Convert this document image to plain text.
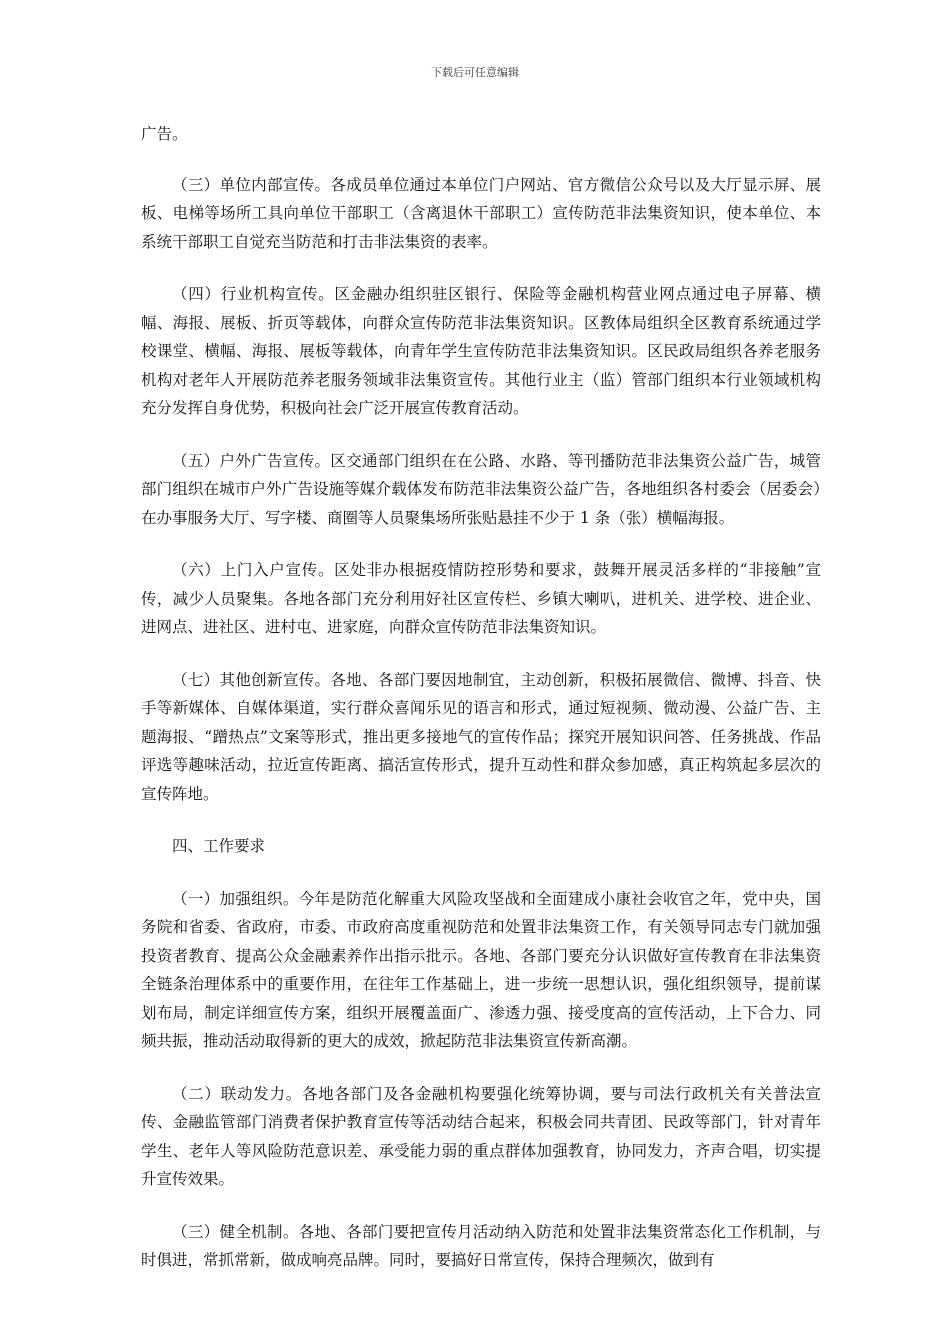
下载后可任意编辑

广告。

（三）单位内部宣传。各成员单位通过本单位门户网站、官方微信公众号以及大厅显示屏、展板、电梯等场所工具向单位干部职工（含离退休干部职工）宣传防范非法集资知识，使本单位、本系统干部职工自觉充当防范和打击非法集资的表率。

（四）行业机构宣传。区金融办组织驻区银行、保险等金融机构营业网点通过电子屏幕、横幅、海报、展板、折页等载体，向群众宣传防范非法集资知识。区教体局组织全区教育系统通过学校课堂、横幅、海报、展板等载体，向青年学生宣传防范非法集资知识。区民政局组织各养老服务机构对老年人开展防范养老服务领域非法集资宣传。其他行业主（监）管部门组织本行业领域机构充分发挥自身优势，积极向社会广泛开展宣传教育活动。

（五）户外广告宣传。区交通部门组织在在公路、水路、等刊播防范非法集资公益广告，城管部门组织在城市户外广告设施等媒介载体发布防范非法集资公益广告，各地组织各村委会（居委会）在办事服务大厅、写字楼、商圈等人员聚集场所张贴悬挂不少于 1 条（张）横幅海报。

（六）上门入户宣传。区处非办根据疫情防控形势和要求，鼓舞开展灵活多样的“非接触”宣传，减少人员聚集。各地各部门充分利用好社区宣传栏、乡镇大喇叭，进机关、进学校、进企业、进网点、进社区、进村屯、进家庭，向群众宣传防范非法集资知识。

（七）其他创新宣传。各地、各部门要因地制宜，主动创新，积极拓展微信、微博、抖音、快手等新媒体、自媒体渠道，实行群众喜闻乐见的语言和形式，通过短视频、微动漫、公益广告、主题海报、“蹭热点”文案等形式，推出更多接地气的宣传作品；探究开展知识问答、任务挑战、作品评选等趣味活动，拉近宣传距离、搞活宣传形式，提升互动性和群众参加感，真正构筑起多层次的宣传阵地。

四、工作要求

（一）加强组织。今年是防范化解重大风险攻坚战和全面建成小康社会收官之年，党中央，国务院和省委、省政府，市委、市政府高度重视防范和处置非法集资工作，有关领导同志专门就加强投资者教育、提高公众金融素养作出指示批示。各地、各部门要充分认识做好宣传教育在非法集资全链条治理体系中的重要作用，在往年工作基础上，进一步统一思想认识，强化组织领导，提前谋划布局，制定详细宣传方案，组织开展覆盖面广、渗透力强、接受度高的宣传活动，上下合力、同频共振，推动活动取得新的更大的成效，掀起防范非法集资宣传新高潮。

（二）联动发力。各地各部门及各金融机构要强化统筹协调，要与司法行政机关有关普法宣传、金融监管部门消费者保护教育宣传等活动结合起来，积极会同共青团、民政等部门，针对青年学生、老年人等风险防范意识差、承受能力弱的重点群体加强教育，协同发力，齐声合唱，切实提升宣传效果。

（三）健全机制。各地、各部门要把宣传月活动纳入防范和处置非法集资常态化工作机制，与时俱进，常抓常新，做成响亮品牌。同时，要搞好日常宣传，保持合理频次，做到有
